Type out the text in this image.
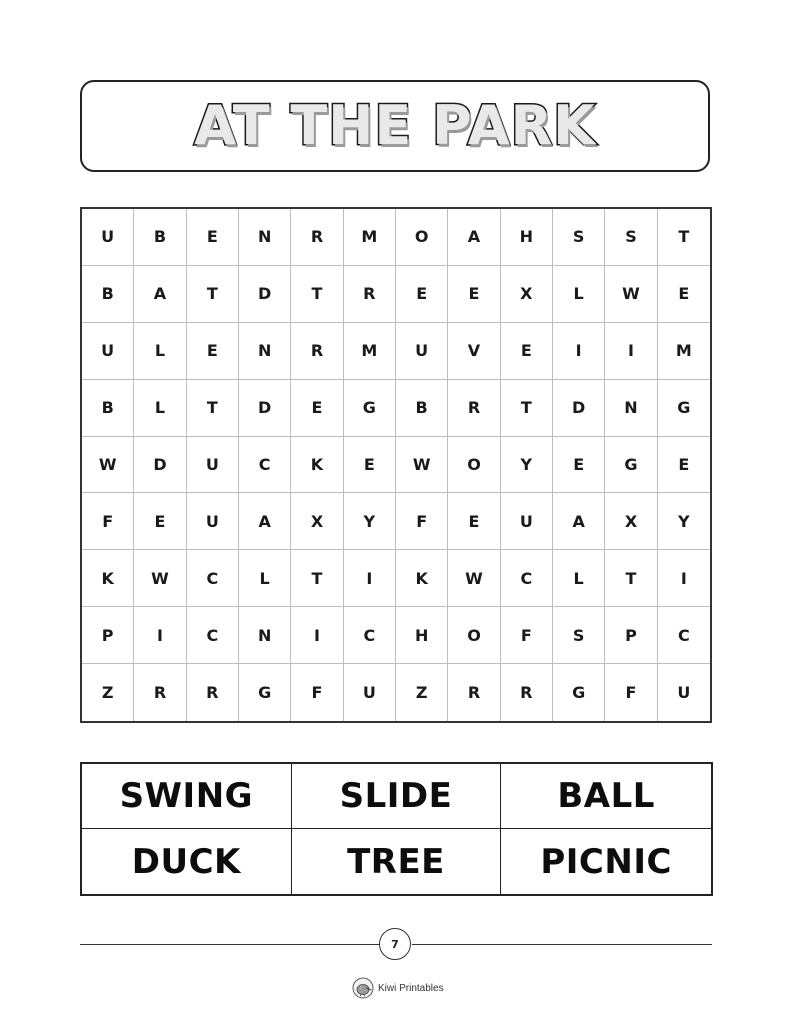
AT THE PARK
U	B	E	N	R	M	O	A	H	S	S	T
B	A	T	D	T	R	E	E	X	L	W	E
U	L	E	N	R	M	U	V	E	I	I	M
B	L	T	D	E	G	B	R	T	D	N	G
W	D	U	C	K	E	W	O	Y	E	G	E
F	E	U	A	X	Y	F	E	U	A	X	Y
K	W	C	L	T	I	K	W	C	L	T	I
P	I	C	N	I	C	H	O	F	S	P	C
Z	R	R	G	F	U	Z	R	R	G	F	U
SWING	SLIDE	BALL
DUCK	TREE	PICNIC
7
Kiwi Printables
